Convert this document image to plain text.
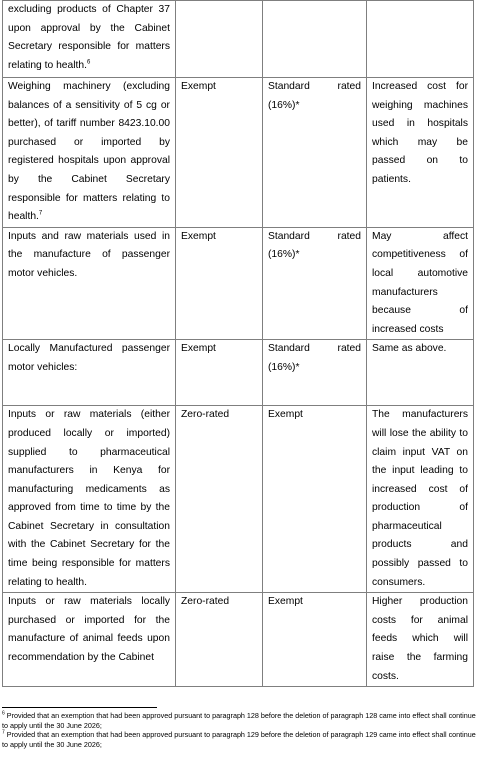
excluding products of Chapter 37 upon approval by the Cabinet Secretary responsible for matters relating to health.$^6$			
Weighing machinery (excluding balances of a sensitivity of 5 cg or better), of tariff number 8423.10.00 purchased or imported by registered hospitals upon approval by the Cabinet Secretary responsible for matters relating to health.$^7$	Exempt	Standard rated (16%)*	Increased cost for weighing machines used in hospitals which may be passed on to patients.
Inputs and raw materials used in the manufacture of passenger motor vehicles.	Exempt	Standard rated (16%)*	May affect competitiveness of local automotive manufacturers because of increased costs
Locally Manufactured passenger motor vehicles:	Exempt	Standard rated (16%)*	Same as above.
Inputs or raw materials (either produced locally or imported) supplied to pharmaceutical manufacturers in Kenya for manufacturing medicaments as approved from time to time by the Cabinet Secretary in consultation with the Cabinet Secretary for the time being responsible for matters relating to health.	Zero-rated	Exempt	The manufacturers will lose the ability to claim input VAT on the input leading to increased cost of production of pharmaceutical products and possibly passed to consumers.
Inputs or raw materials locally purchased or imported for the manufacture of animal feeds upon recommendation by the Cabinet	Zero-rated	Exempt	Higher production costs for animal feeds which will raise the farming costs.

$^6$ Provided that an exemption that had been approved pursuant to paragraph 128 before the deletion of paragraph 128 came into effect shall continue to apply until the 30 June 2026;

$^7$ Provided that an exemption that had been approved pursuant to paragraph 129 before the deletion of paragraph 129 came into effect shall continue to apply until the 30 June 2026;
